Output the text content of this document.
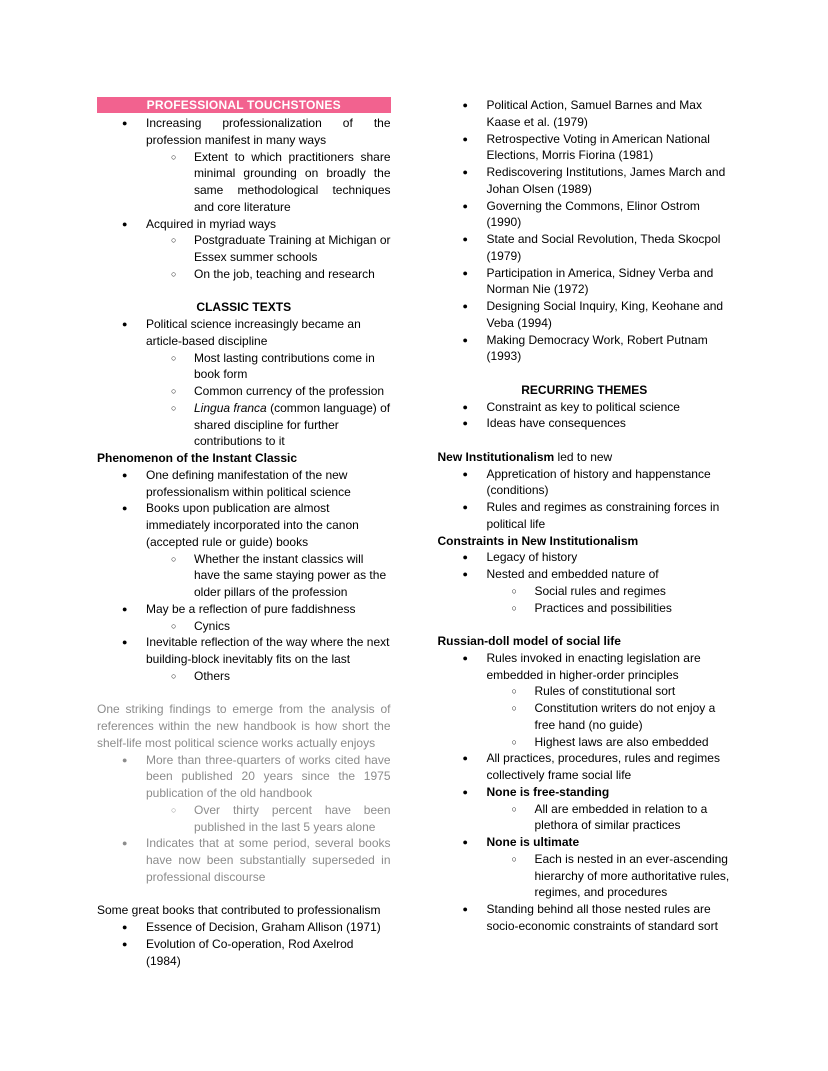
PROFESSIONAL TOUCHSTONES
● Increasing professionalization of the profession manifest in many ways
○ Extent to which practitioners share minimal grounding on broadly the same methodological techniques and core literature
● Acquired in myriad ways
○ Postgraduate Training at Michigan or Essex summer schools
○ On the job, teaching and research
CLASSIC TEXTS
● Political science increasingly became an article-based discipline
○ Most lasting contributions come in book form
○ Common currency of the profession
○ Lingua franca (common language) of shared discipline for further contributions to it
Phenomenon of the Instant Classic
● One defining manifestation of the new professionalism within political science
● Books upon publication are almost immediately incorporated into the canon (accepted rule or guide) books
○ Whether the instant classics will have the same staying power as the older pillars of the profession
● May be a reflection of pure faddishness
○ Cynics
● Inevitable reflection of the way where the next building-block inevitably fits on the last
○ Others
One striking findings to emerge from the analysis of references within the new handbook is how short the shelf-life most political science works actually enjoys
● More than three-quarters of works cited have been published 20 years since the 1975 publication of the old handbook
○ Over thirty percent have been published in the last 5 years alone
● Indicates that at some period, several books have now been substantially superseded in professional discourse
Some great books that contributed to professionalism
● Essence of Decision, Graham Allison (1971)
● Evolution of Co-operation, Rod Axelrod (1984)
● Political Action, Samuel Barnes and Max Kaase et al. (1979)
● Retrospective Voting in American National Elections, Morris Fiorina (1981)
● Rediscovering Institutions, James March and Johan Olsen (1989)
● Governing the Commons, Elinor Ostrom (1990)
● State and Social Revolution, Theda Skocpol (1979)
● Participation in America, Sidney Verba and Norman Nie (1972)
● Designing Social Inquiry, King, Keohane and Veba (1994)
● Making Democracy Work, Robert Putnam (1993)
RECURRING THEMES
● Constraint as key to political science
● Ideas have consequences
New Institutionalism led to new
● Appretication of history and happenstance (conditions)
● Rules and regimes as constraining forces in political life
Constraints in New Institutionalism
● Legacy of history
● Nested and embedded nature of
○ Social rules and regimes
○ Practices and possibilities
Russian-doll model of social life
● Rules invoked in enacting legislation are embedded in higher-order principles
○ Rules of constitutional sort
○ Constitution writers do not enjoy a free hand (no guide)
○ Highest laws are also embedded
● All practices, procedures, rules and regimes collectively frame social life
● None is free-standing
○ All are embedded in relation to a plethora of similar practices
● None is ultimate
○ Each is nested in an ever-ascending hierarchy of more authoritative rules, regimes, and procedures
● Standing behind all those nested rules are socio-economic constraints of standard sort
